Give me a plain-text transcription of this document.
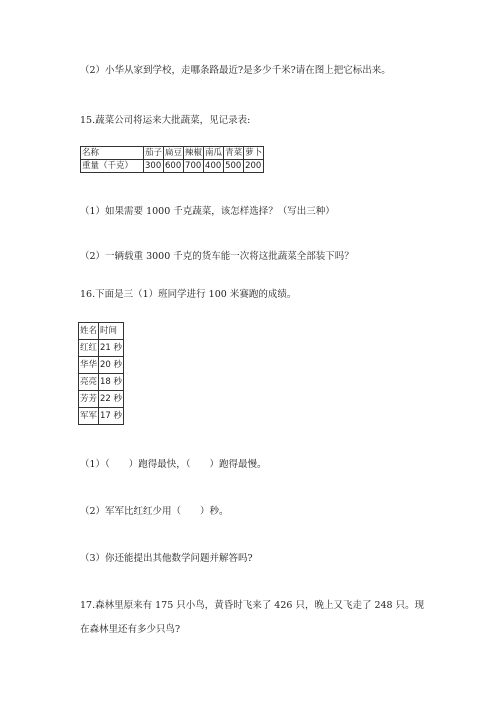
（2）小华从家到学校，走哪条路最近?是多少千米?请在图上把它标出来。
15.蔬菜公司将运来大批蔬菜，见记录表:
名称	茄子	扁豆	辣椒	南瓜	青菜	萝卜
重量（千克）	300	600	700	400	500	200
（1）如果需要 1000 千克蔬菜，该怎样选择？（写出三种）
（2）一辆载重 3000 千克的货车能一次将这批蔬菜全部装下吗？
16.下面是三（1）班同学进行 100 米赛跑的成绩。
姓名	时间
红红	21 秒
华华	20 秒
亮亮	18 秒
芳芳	22 秒
军军	17 秒
（1）（　　）跑得最快，（　　）跑得最慢。
（2）军军比红红少用（　　）秒。
（3）你还能提出其他数学问题并解答吗?
17.森林里原来有 175 只小鸟，黄昏时飞来了 426 只，晚上又飞走了 248 只。现
在森林里还有多少只鸟?
